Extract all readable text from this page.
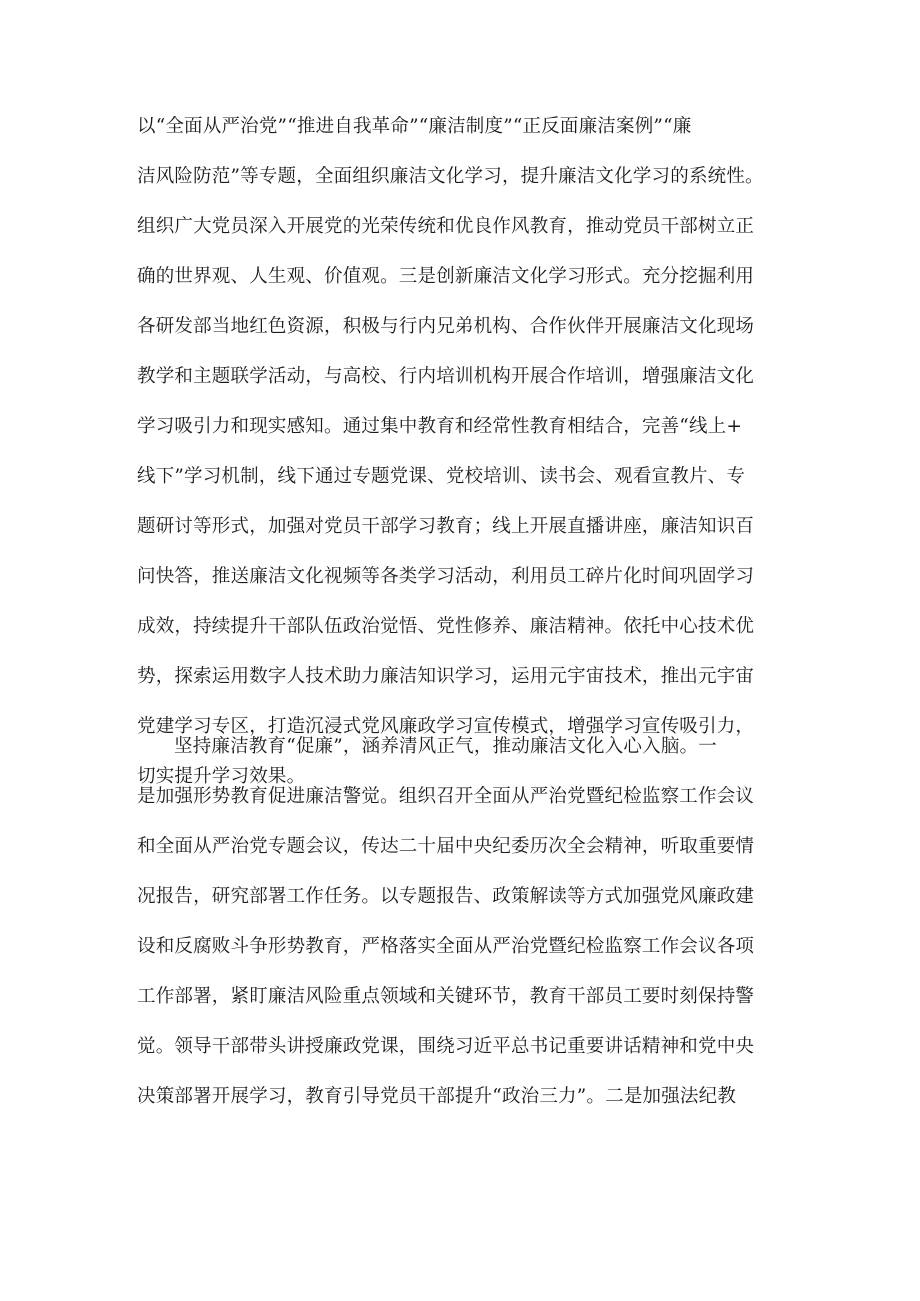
以“全面从严治党”“推进自我革命”“廉洁制度”“正反面廉洁案例”“廉
洁风险防范”等专题，全面组织廉洁文化学习，提升廉洁文化学习的系统性。
组织广大党员深入开展党的光荣传统和优良作风教育，推动党员干部树立正
确的世界观、人生观、价值观。三是创新廉洁文化学习形式。充分挖掘利用
各研发部当地红色资源，积极与行内兄弟机构、合作伙伴开展廉洁文化现场
教学和主题联学活动，与高校、行内培训机构开展合作培训，增强廉洁文化
学习吸引力和现实感知。通过集中教育和经常性教育相结合，完善“线上+
线下”学习机制，线下通过专题党课、党校培训、读书会、观看宣教片、专
题研讨等形式，加强对党员干部学习教育；线上开展直播讲座，廉洁知识百
问快答，推送廉洁文化视频等各类学习活动，利用员工碎片化时间巩固学习
成效，持续提升干部队伍政治觉悟、党性修养、廉洁精神。依托中心技术优
势，探索运用数字人技术助力廉洁知识学习，运用元宇宙技术，推出元宇宙
党建学习专区，打造沉浸式党风廉政学习宣传模式，增强学习宣传吸引力，
切实提升学习效果。
坚持廉洁教育“促廉”，涵养清风正气，推动廉洁文化入心入脑。一
是加强形势教育促进廉洁警觉。组织召开全面从严治党暨纪检监察工作会议
和全面从严治党专题会议，传达二十届中央纪委历次全会精神，听取重要情
况报告，研究部署工作任务。以专题报告、政策解读等方式加强党风廉政建
设和反腐败斗争形势教育，严格落实全面从严治党暨纪检监察工作会议各项
工作部署，紧盯廉洁风险重点领域和关键环节，教育干部员工要时刻保持警
觉。领导干部带头讲授廉政党课，围绕习近平总书记重要讲话精神和党中央
决策部署开展学习，教育引导党员干部提升“政治三力”。二是加强法纪教
